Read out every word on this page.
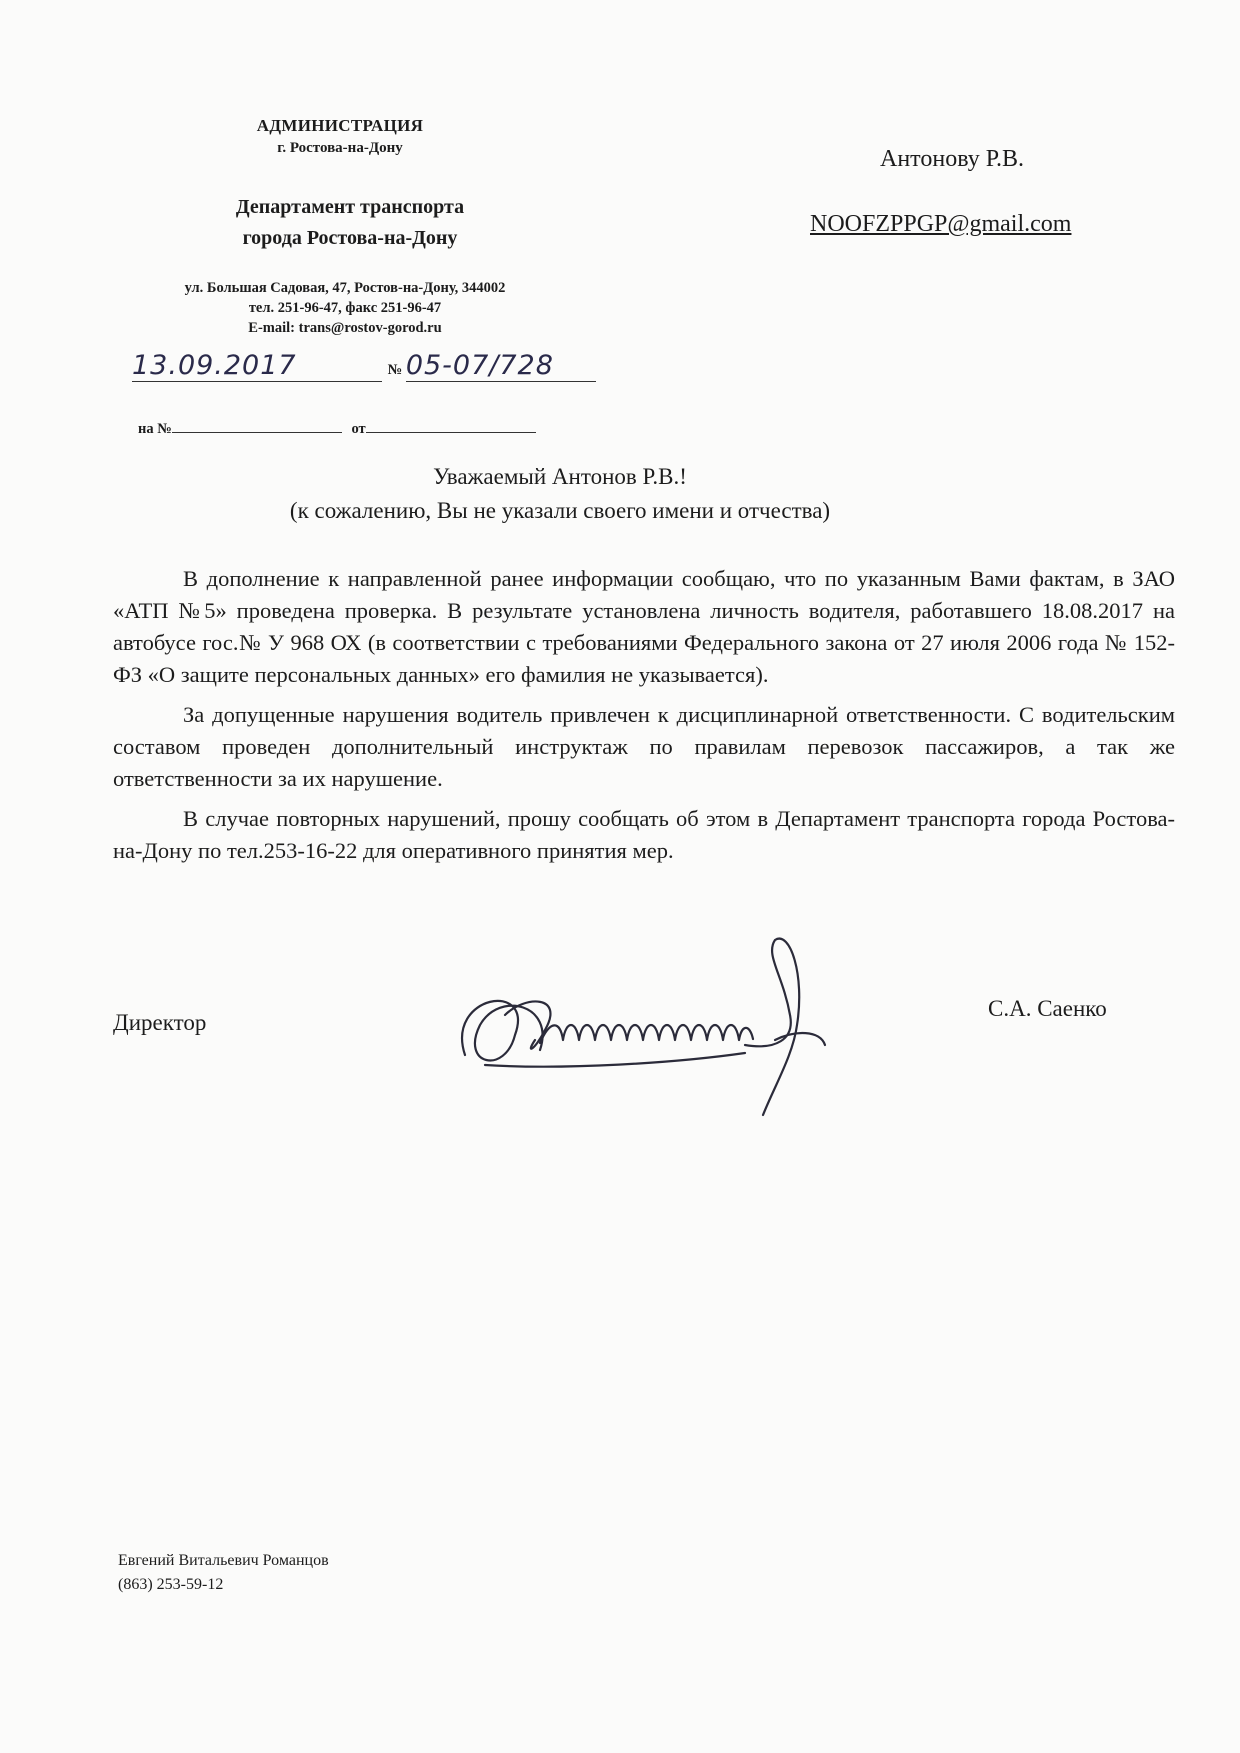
АДМИНИСТРАЦИЯ
г. Ростова-на-Дону
Департамент транспорта
города Ростова-на-Дону
ул. Большая Садовая, 47, Ростов-на-Дону, 344002
тел. 251-96-47, факс 251-96-47
E-mail: trans@rostov-gorod.ru
13.09.2017	№ 05-07/728
на №	от
Антонову Р.В.
NOOFZPPGP@gmail.com
Уважаемый Антонов Р.В.!
(к сожалению, Вы не указали своего имени и отчества)

В дополнение к направленной ранее информации сообщаю, что по указанным Вами фактам, в ЗАО «АТП №5» проведена проверка. В результате установлена личность водителя, работавшего 18.08.2017 на автобусе гос.№ У 968 ОХ (в соответствии с требованиями Федерального закона от 27 июля 2006 года № 152-ФЗ «О защите персональных данных» его фамилия не указывается).

За допущенные нарушения водитель привлечен к дисциплинарной ответственности. С водительским составом проведен дополнительный инструктаж по правилам перевозок пассажиров, а так же ответственности за их нарушение.

В случае повторных нарушений, прошу сообщать об этом в Департамент транспорта города Ростова-на-Дону по тел.253-16-22 для оперативного принятия мер.

Директор
С.А. Саенко
Евгений Витальевич Романцов
(863) 253-59-12
